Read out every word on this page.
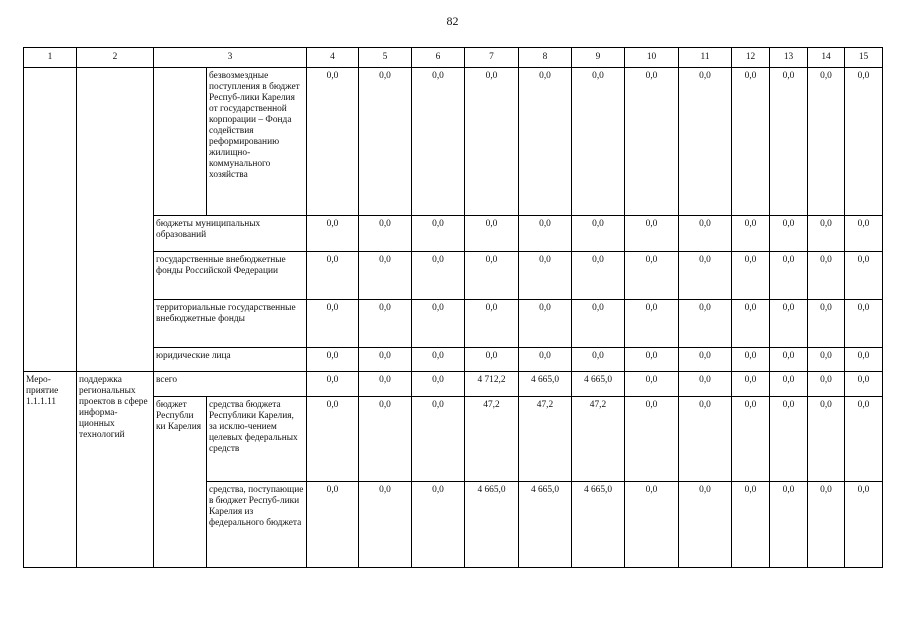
82
1	2	3		4	5	6	7	8	9	10	11	12	13	14	15
			безвозмездные поступления в бюджет Респуб-лики Карелия от государственной корпорации – Фонда содействия реформированию жилищно-коммунального хозяйства	0,0	0,0	0,0	0,0	0,0	0,0	0,0	0,0	0,0	0,0	0,0	0,0
		бюджеты муниципальных образований		0,0	0,0	0,0	0,0	0,0	0,0	0,0	0,0	0,0	0,0	0,0	0,0
		государственные внебюджетные фонды Российской Федерации		0,0	0,0	0,0	0,0	0,0	0,0	0,0	0,0	0,0	0,0	0,0	0,0
		территориальные государственные внебюджетные фонды		0,0	0,0	0,0	0,0	0,0	0,0	0,0	0,0	0,0	0,0	0,0	0,0
		юридические лица		0,0	0,0	0,0	0,0	0,0	0,0	0,0	0,0	0,0	0,0	0,0	0,0
Меро-приятие 1.1.1.11	поддержка региональных проектов в сфере информа-ционных технологий	всего		0,0	0,0	0,0	4 712,2	4 665,0	4 665,0	0,0	0,0	0,0	0,0	0,0	0,0
		бюджет Республи ки Карелия	средства бюджета Республики Карелия, за исклю-чением целевых федеральных средств	0,0	0,0	0,0	47,2	47,2	47,2	0,0	0,0	0,0	0,0	0,0	0,0
			средства, поступающие в бюджет Респуб-лики Карелия из федерального бюджета	0,0	0,0	0,0	4 665,0	4 665,0	4 665,0	0,0	0,0	0,0	0,0	0,0	0,0
